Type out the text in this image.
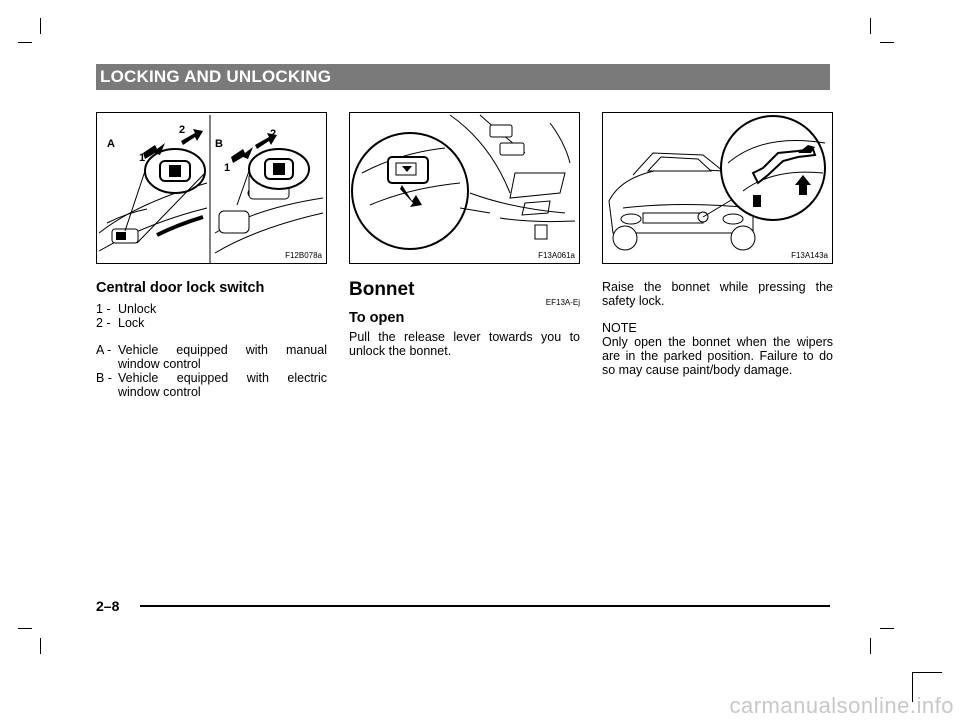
LOCKING AND UNLOCKING
A
1
2
B
1
2
F12B078a	F13A061a	F13A143a
Central door lock switch
1 - Unlock
2 - Lock
A - Vehicle equipped with manual window control
B - Vehicle equipped with electric window control
Bonnet
EF13A-Ej
To open
Pull the release lever towards you to unlock the bonnet.
Raise the bonnet while pressing the safety lock.
NOTE
Only open the bonnet when the wipers are in the parked position. Failure to do so may cause paint/body damage.
2–8
carmanualsonline.info
